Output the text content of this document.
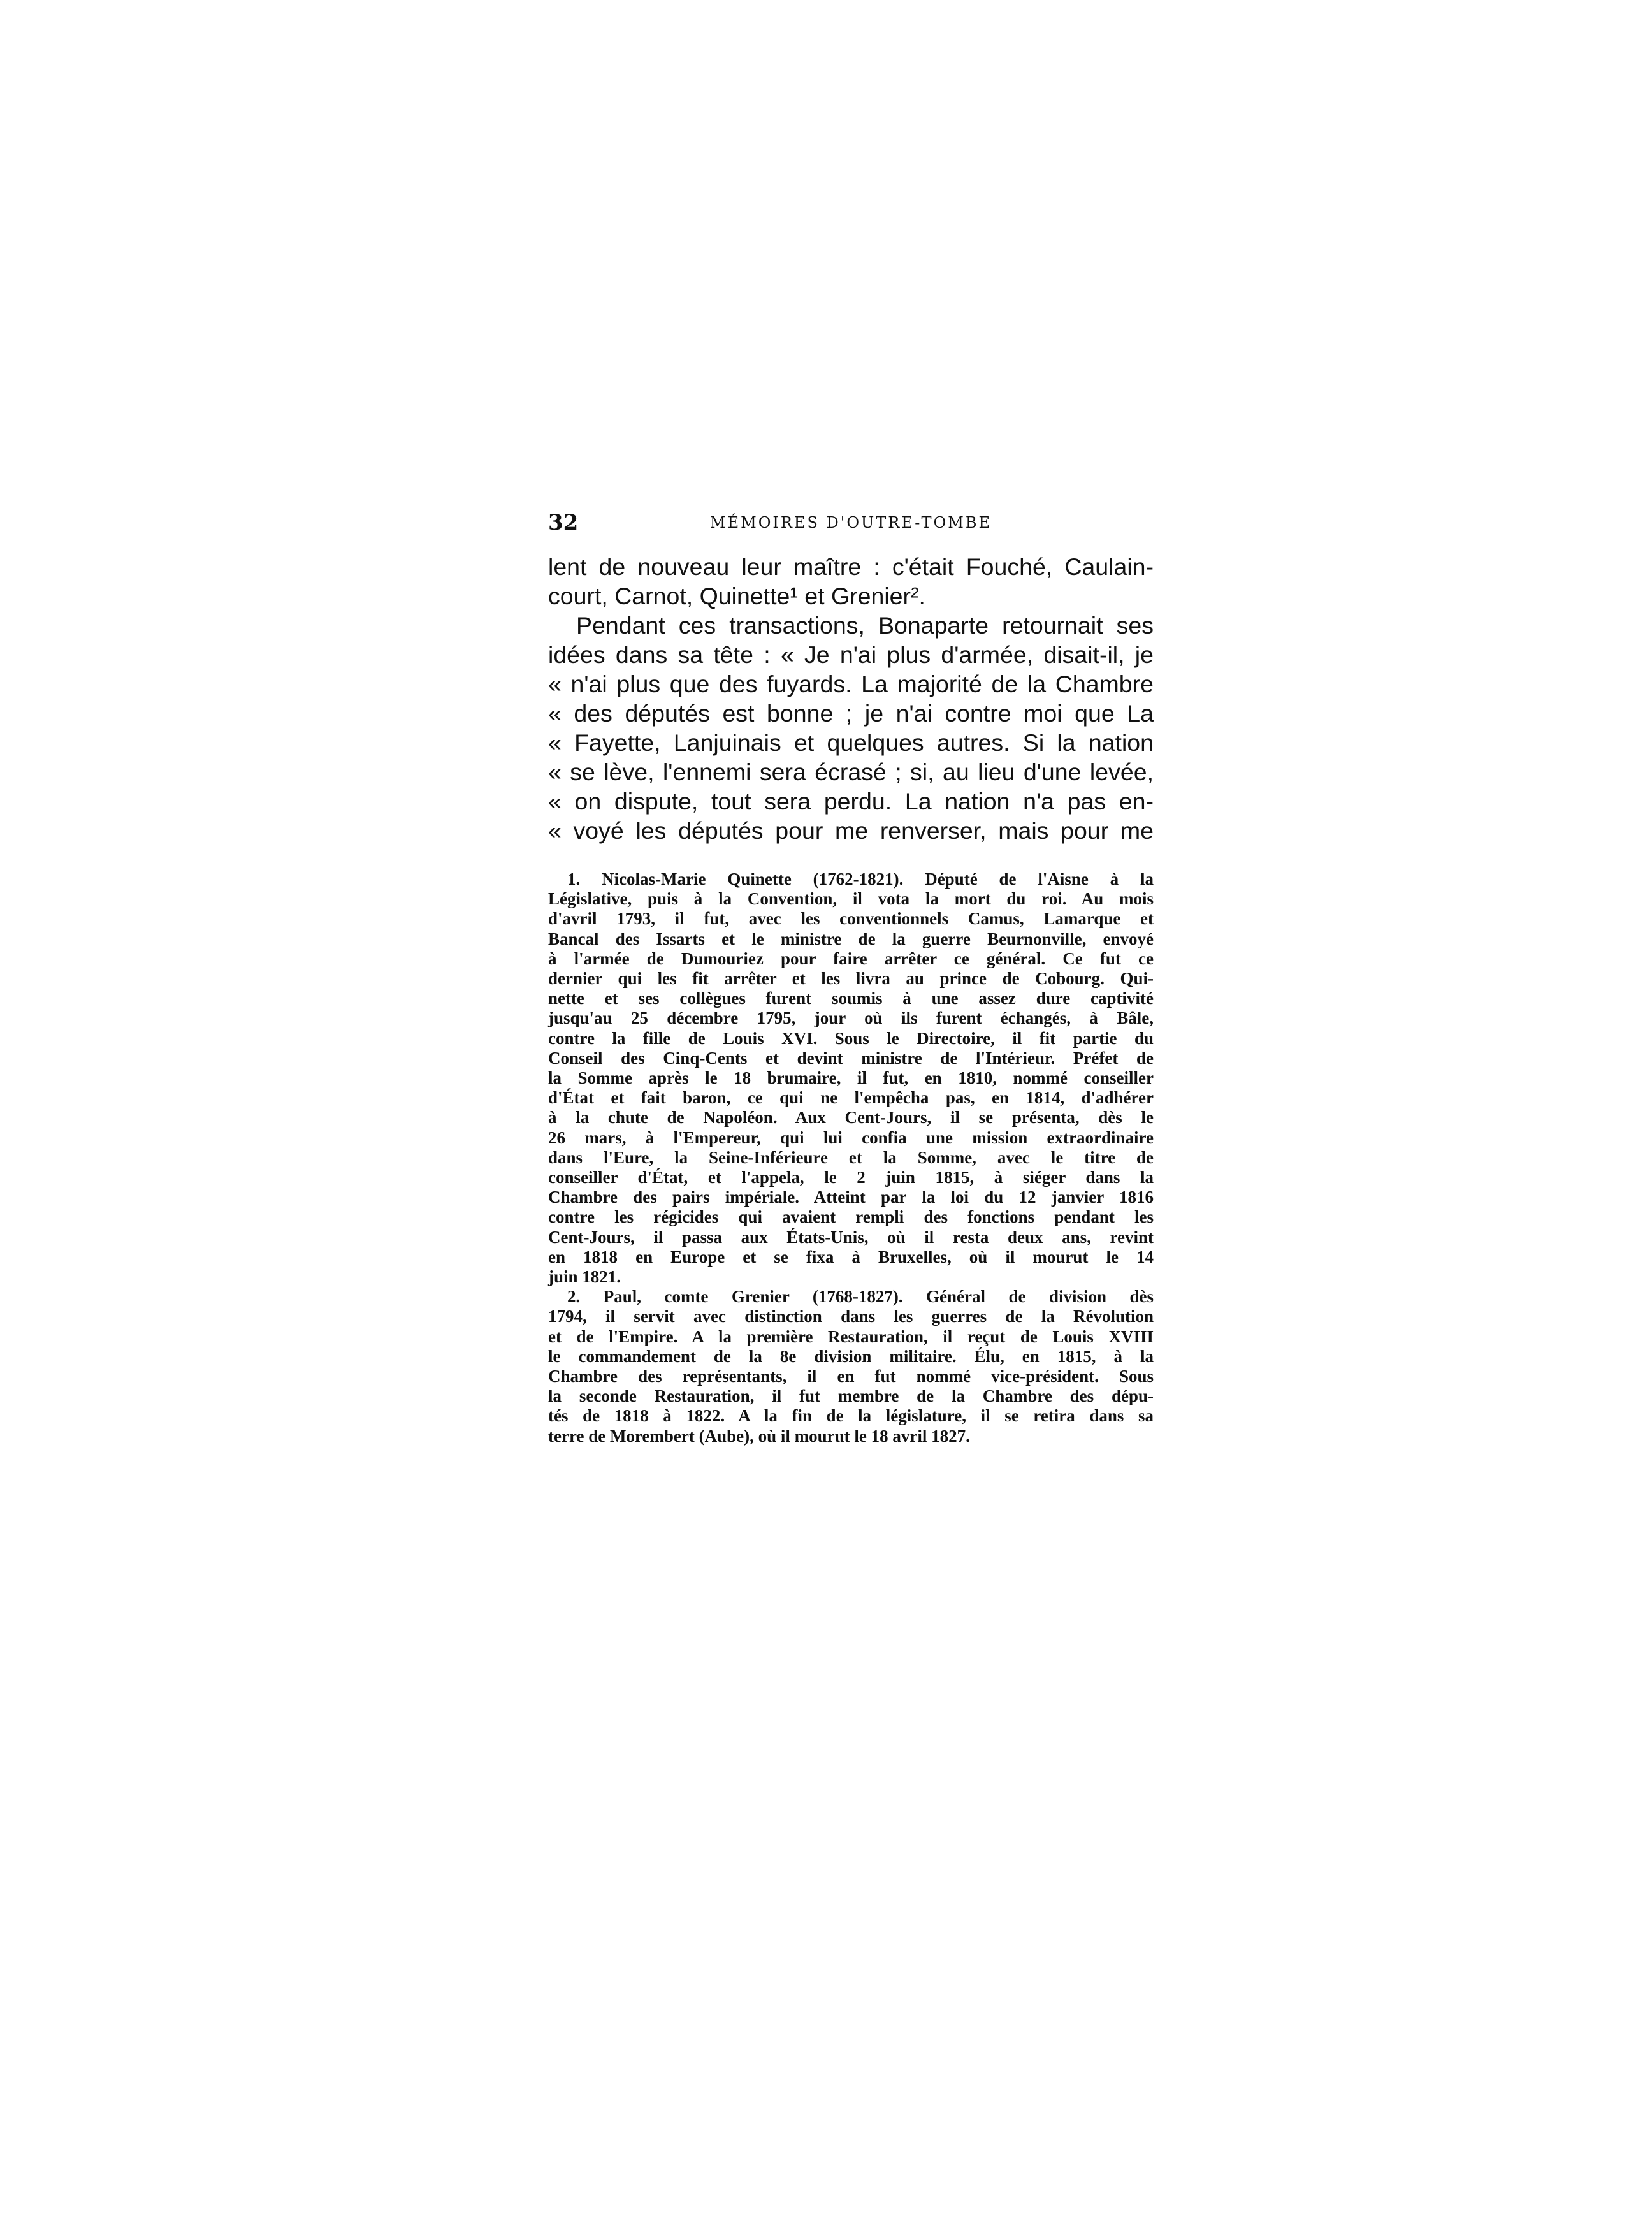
32	MÉMOIRES D'OUTRE-TOMBE
lent de nouveau leur maître : c'était Fouché, Caulain-
court, Carnot, Quinette¹ et Grenier².
Pendant ces transactions, Bonaparte retournait ses
idées dans sa tête : « Je n'ai plus d'armée, disait-il, je
« n'ai plus que des fuyards. La majorité de la Chambre
« des députés est bonne ; je n'ai contre moi que La
« Fayette, Lanjuinais et quelques autres. Si la nation
« se lève, l'ennemi sera écrasé ; si, au lieu d'une levée,
« on dispute, tout sera perdu. La nation n'a pas en-
« voyé les députés pour me renverser, mais pour me
1. Nicolas-Marie Quinette (1762-1821). Député de l'Aisne à la
Législative, puis à la Convention, il vota la mort du roi. Au mois
d'avril 1793, il fut, avec les conventionnels Camus, Lamarque et
Bancal des Issarts et le ministre de la guerre Beurnonville, envoyé
à l'armée de Dumouriez pour faire arrêter ce général. Ce fut ce
dernier qui les fit arrêter et les livra au prince de Cobourg. Qui-
nette et ses collègues furent soumis à une assez dure captivité
jusqu'au 25 décembre 1795, jour où ils furent échangés, à Bâle,
contre la fille de Louis XVI. Sous le Directoire, il fit partie du
Conseil des Cinq-Cents et devint ministre de l'Intérieur. Préfet de
la Somme après le 18 brumaire, il fut, en 1810, nommé conseiller
d'État et fait baron, ce qui ne l'empêcha pas, en 1814, d'adhérer
à la chute de Napoléon. Aux Cent-Jours, il se présenta, dès le
26 mars, à l'Empereur, qui lui confia une mission extraordinaire
dans l'Eure, la Seine-Inférieure et la Somme, avec le titre de
conseiller d'État, et l'appela, le 2 juin 1815, à siéger dans la
Chambre des pairs impériale. Atteint par la loi du 12 janvier 1816
contre les régicides qui avaient rempli des fonctions pendant les
Cent-Jours, il passa aux États-Unis, où il resta deux ans, revint
en 1818 en Europe et se fixa à Bruxelles, où il mourut le 14
juin 1821.
2. Paul, comte Grenier (1768-1827). Général de division dès
1794, il servit avec distinction dans les guerres de la Révolution
et de l'Empire. A la première Restauration, il reçut de Louis XVIII
le commandement de la 8e division militaire. Élu, en 1815, à la
Chambre des représentants, il en fut nommé vice-président. Sous
la seconde Restauration, il fut membre de la Chambre des dépu-
tés de 1818 à 1822. A la fin de la législature, il se retira dans sa
terre de Morembert (Aube), où il mourut le 18 avril 1827.
